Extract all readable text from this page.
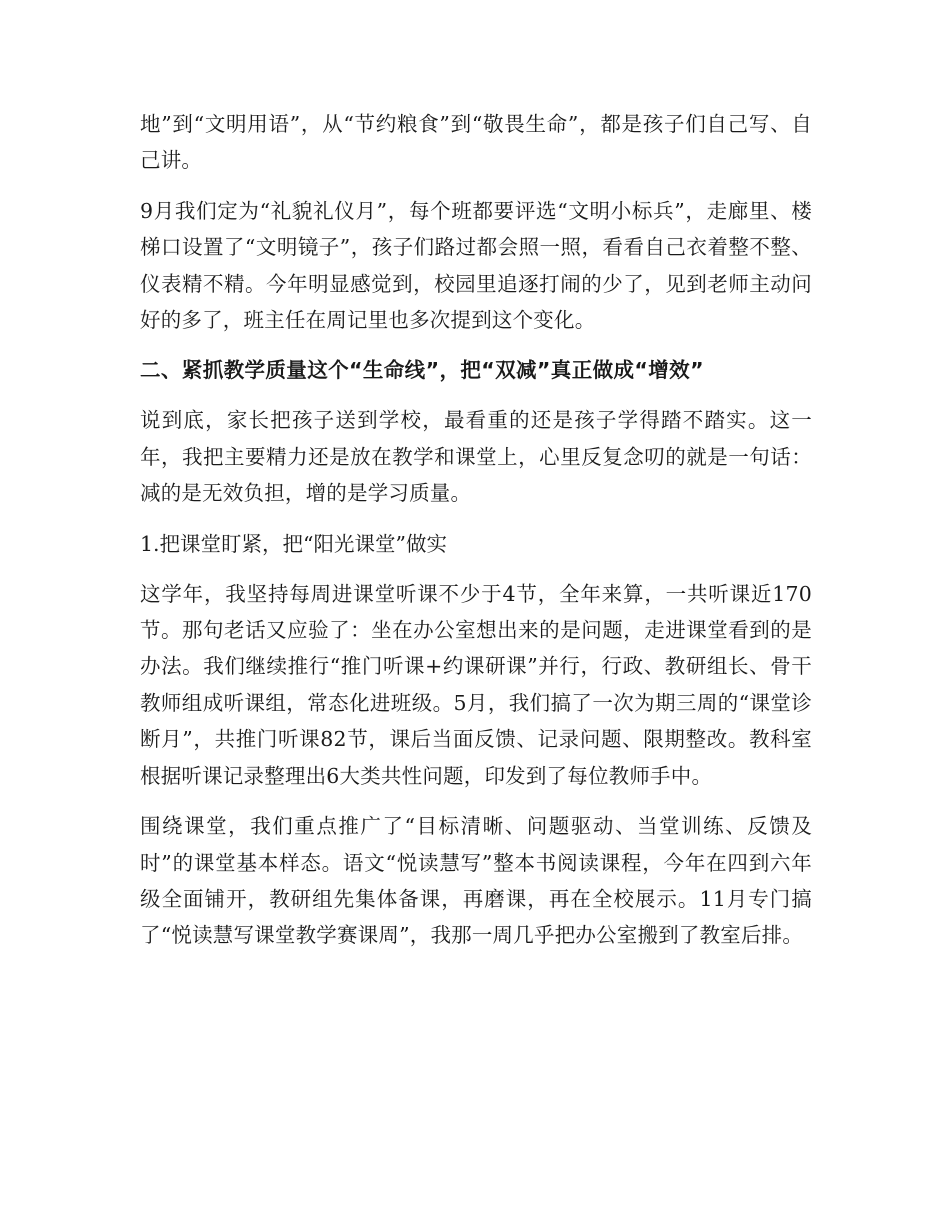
地”到“文明用语”，从“节约粮食”到“敬畏生命”，都是孩子们自己写、自己讲。

9月我们定为“礼貌礼仪月”，每个班都要评选“文明小标兵”，走廊里、楼梯口设置了“文明镜子”，孩子们路过都会照一照，看看自己衣着整不整、仪表精不精。今年明显感觉到，校园里追逐打闹的少了，见到老师主动问好的多了，班主任在周记里也多次提到这个变化。

二、紧抓教学质量这个“生命线”，把“双减”真正做成“增效”

说到底，家长把孩子送到学校，最看重的还是孩子学得踏不踏实。这一年，我把主要精力还是放在教学和课堂上，心里反复念叨的就是一句话：减的是无效负担，增的是学习质量。

1.把课堂盯紧，把“阳光课堂”做实

这学年，我坚持每周进课堂听课不少于4节，全年来算，一共听课近170节。那句老话又应验了：坐在办公室想出来的是问题，走进课堂看到的是办法。我们继续推行“推门听课+约课研课”并行，行政、教研组长、骨干教师组成听课组，常态化进班级。5月，我们搞了一次为期三周的“课堂诊断月”，共推门听课82节，课后当面反馈、记录问题、限期整改。教科室根据听课记录整理出6大类共性问题，印发到了每位教师手中。

围绕课堂，我们重点推广了“目标清晰、问题驱动、当堂训练、反馈及时”的课堂基本样态。语文“悦读慧写”整本书阅读课程，今年在四到六年级全面铺开，教研组先集体备课，再磨课，再在全校展示。11月专门搞了“悦读慧写课堂教学赛课周”，我那一周几乎把办公室搬到了教室后排。
